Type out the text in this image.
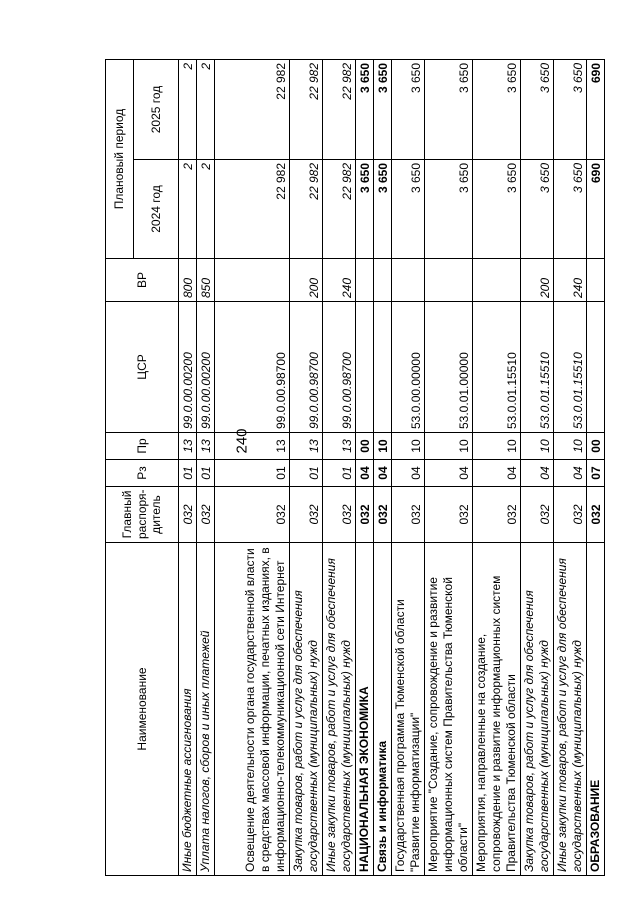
240
Наименование	Главный распоря-дитель	Рз	Пр	ЦСР	ВР	Плановый период	
						2024 год	2025 год
Иные бюджетные ассигнования	032	01	13	99.0.00.00200	800	2	2
Уплата налогов, сборов и иных платежей	032	01	13	99.0.00.00200	850	2	2
Освещение деятельности органа государственной власти в средствах массовой информации, печатных изданиях, в информационно-телекоммуникационной сети Интернет	032	01	13	99.0.00.98700		22 982	22 982
Закупка товаров, работ и услуг для обеспечения государственных (муниципальных) нужд	032	01	13	99.0.00.98700	200	22 982	22 982
Иные закупки товаров, работ и услуг для обеспечения государственных (муниципальных) нужд	032	01	13	99.0.00.98700	240	22 982	22 982
НАЦИОНАЛЬНАЯ ЭКОНОМИКА	032	04	00			3 650	3 650
Связь и информатика	032	04	10			3 650	3 650
Государственная программа Тюменской области "Развитие информатизации"	032	04	10	53.0.00.00000		3 650	3 650
Мероприятие "Создание, сопровождение и развитие информационных систем Правительства Тюменской области"	032	04	10	53.0.01.00000		3 650	3 650
Мероприятия, направленные на создание, сопровождение и развитие информационных систем Правительства Тюменской области	032	04	10	53.0.01.15510		3 650	3 650
Закупка товаров, работ и услуг для обеспечения государственных (муниципальных) нужд	032	04	10	53.0.01.15510	200	3 650	3 650
Иные закупки товаров, работ и услуг для обеспечения государственных (муниципальных) нужд	032	04	10	53.0.01.15510	240	3 650	3 650
ОБРАЗОВАНИЕ	032	07	00			690	690
